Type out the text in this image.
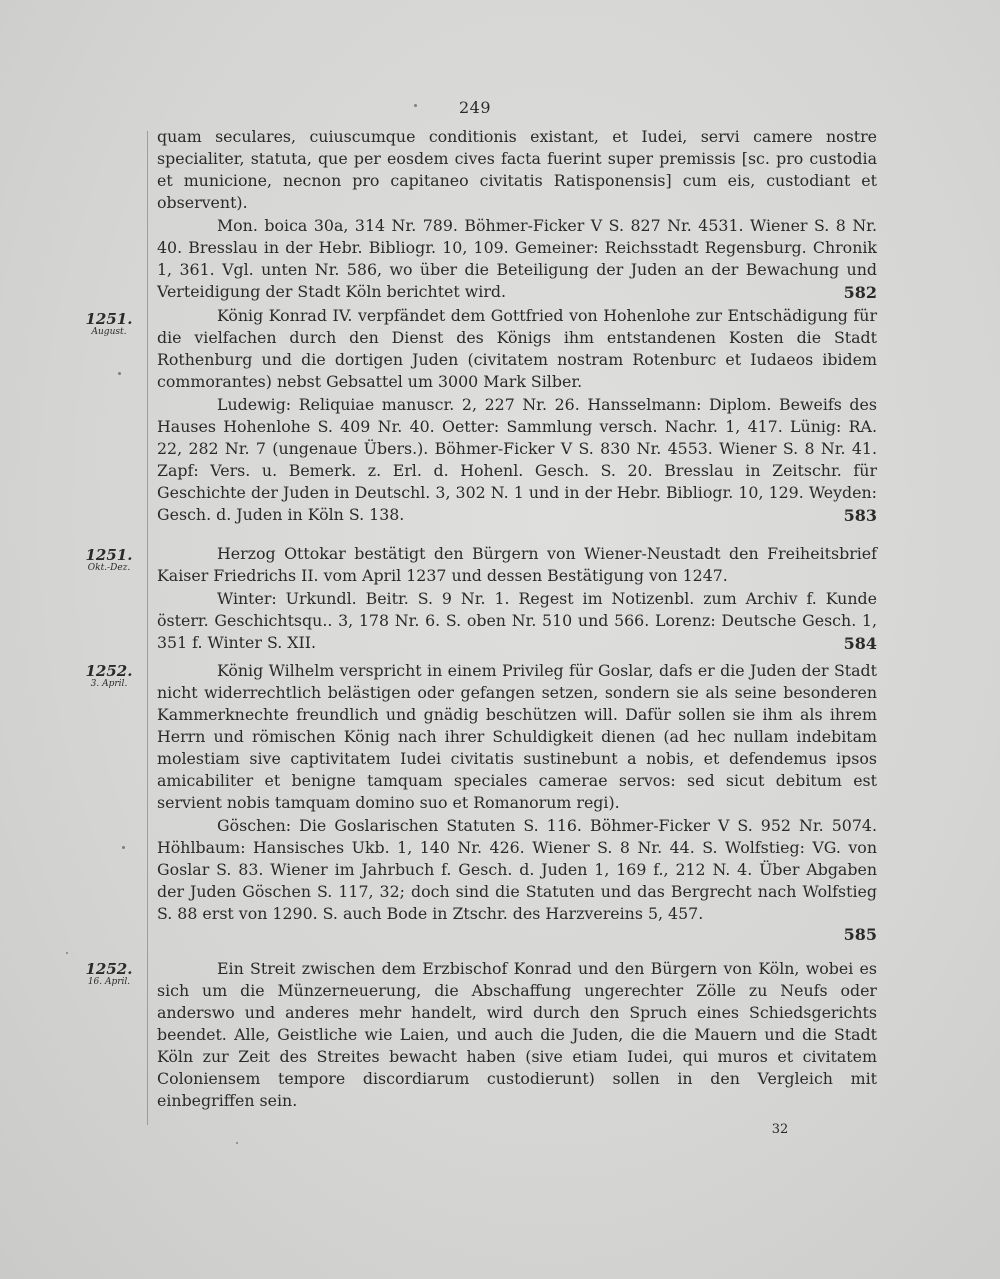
249
1251.
August.
1251.
Okt.-Dez.
1252.
3. April.
1252.
16. April.

quam seculares, cuiuscumque conditionis existant, et Iudei, servi camere nostre specialiter, statuta, que per eosdem cives facta fuerint super premissis [sc. pro custodia et municione, necnon pro capitaneo civitatis Ratisponensis] cum eis, custodiant et observent).

Mon. boica 30a, 314 Nr. 789. Böhmer-Ficker V S. 827 Nr. 4531. Wiener S. 8 Nr. 40. Bresslau in der Hebr. Bibliogr. 10, 109. Gemeiner: Reichsstadt Regensburg. Chronik 1, 361. Vgl. unten Nr. 586, wo über die Beteiligung der Juden an der Bewachung und Verteidigung der Stadt Köln berichtet wird.	582

König Konrad IV. verpfändet dem Gottfried von Hohenlohe zur Entschädigung für die vielfachen durch den Dienst des Königs ihm entstandenen Kosten die Stadt Rothenburg und die dortigen Juden (civitatem nostram Rotenburc et Iudaeos ibidem commorantes) nebst Gebsattel um 3000 Mark Silber.

Ludewig: Reliquiae manuscr. 2, 227 Nr. 26. Hansselmann: Diplom. Beweifs des Hauses Hohenlohe S. 409 Nr. 40. Oetter: Sammlung versch. Nachr. 1, 417. Lünig: RA. 22, 282 Nr. 7 (ungenaue Übers.). Böhmer-Ficker V S. 830 Nr. 4553. Wiener S. 8 Nr. 41. Zapf: Vers. u. Bemerk. z. Erl. d. Hohenl. Gesch. S. 20. Bresslau in Zeitschr. für Geschichte der Juden in Deutschl. 3, 302 N. 1 und in der Hebr. Bibliogr. 10, 129. Weyden: Gesch. d. Juden in Köln S. 138.	583

Herzog Ottokar bestätigt den Bürgern von Wiener-Neustadt den Freiheitsbrief Kaiser Friedrichs II. vom April 1237 und dessen Bestätigung von 1247.

Winter: Urkundl. Beitr. S. 9 Nr. 1. Regest im Notizenbl. zum Archiv f. Kunde österr. Geschichtsqu.. 3, 178 Nr. 6. S. oben Nr. 510 und 566. Lorenz: Deutsche Gesch. 1, 351 f. Winter S. XII.	584

König Wilhelm verspricht in einem Privileg für Goslar, dafs er die Juden der Stadt nicht widerrechtlich belästigen oder gefangen setzen, sondern sie als seine besonderen Kammerknechte freundlich und gnädig beschützen will. Dafür sollen sie ihm als ihrem Herrn und römischen König nach ihrer Schuldigkeit dienen (ad hec nullam indebitam molestiam sive captivitatem Iudei civitatis sustinebunt a nobis, et defendemus ipsos amicabiliter et benigne tamquam speciales camerae servos: sed sicut debitum est servient nobis tamquam domino suo et Romanorum regi).

Göschen: Die Goslarischen Statuten S. 116. Böhmer-Ficker V S. 952 Nr. 5074. Höhlbaum: Hansisches Ukb. 1, 140 Nr. 426. Wiener S. 8 Nr. 44. S. Wolfstieg: VG. von Goslar S. 83. Wiener im Jahrbuch f. Gesch. d. Juden 1, 169 f., 212 N. 4. Über Abgaben der Juden Göschen S. 117, 32; doch sind die Statuten und das Bergrecht nach Wolfstieg S. 88 erst von 1290. S. auch Bode in Ztschr. des Harzvereins 5, 457.

585

Ein Streit zwischen dem Erzbischof Konrad und den Bürgern von Köln, wobei es sich um die Münzerneuerung, die Abschaffung ungerechter Zölle zu Neufs oder anderswo und anderes mehr handelt, wird durch den Spruch eines Schiedsgerichts beendet. Alle, Geistliche wie Laien, und auch die Juden, die die Mauern und die Stadt Köln zur Zeit des Streites bewacht haben (sive etiam Iudei, qui muros et civitatem Coloniensem tempore discordiarum custodierunt) sollen in den Vergleich mit einbegriffen sein.

32
